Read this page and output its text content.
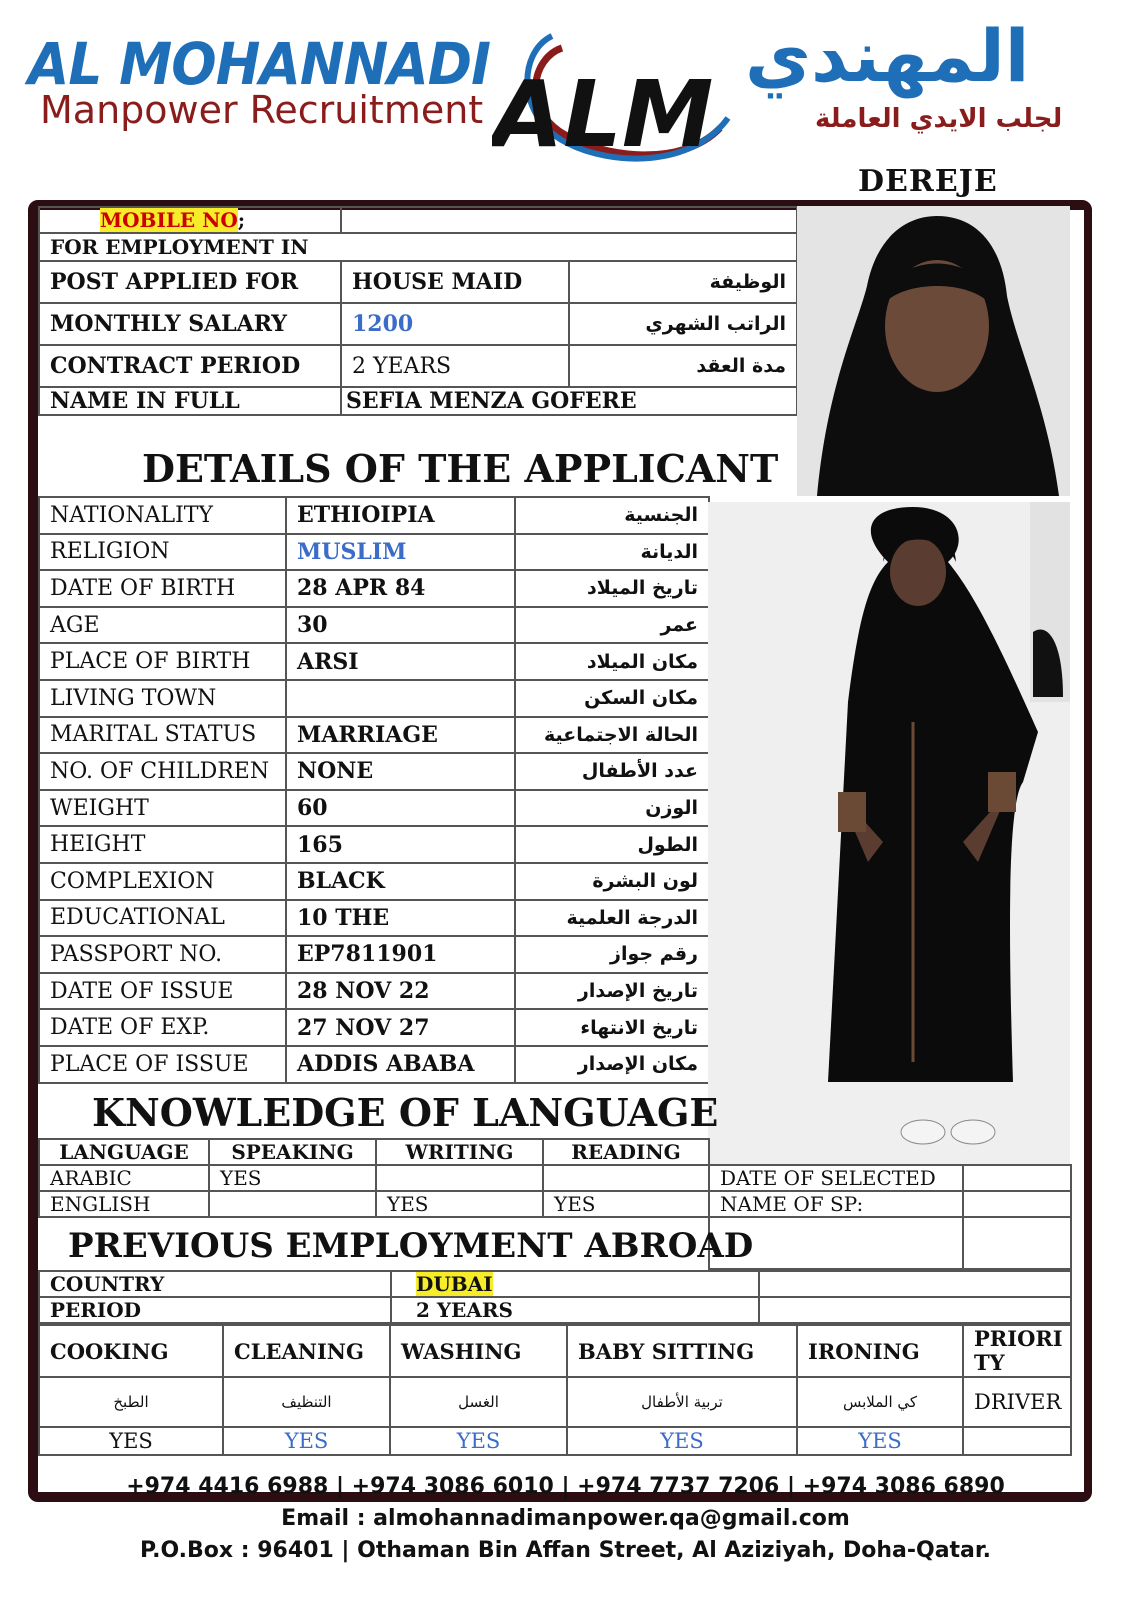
AL MOHANNADI
Manpower Recruitment ALM
المهندي
لجلب الايدي العاملة
DEREJE
MOBILE NO;		
FOR EMPLOYMENT IN		
POST APPLIED FOR	HOUSE MAID	الوظيفة
MONTHLY SALARY	1200	الراتب الشهري
CONTRACT PERIOD	2 YEARS	مدة العقد
NAME IN FULL	SEFIA MENZA GOFERE	
DETAILS OF THE APPLICANT
NATIONALITY	ETHIOIPIA	الجنسية
RELIGION	MUSLIM	الديانة
DATE OF BIRTH	28 APR 84	تاريخ الميلاد
AGE	30	عمر
PLACE OF BIRTH	ARSI	مكان الميلاد
LIVING TOWN		مكان السكن
MARITAL STATUS	MARRIAGE	الحالة الاجتماعية
NO. OF CHILDREN	NONE	عدد الأطفال
WEIGHT	60	الوزن
HEIGHT	165	الطول
COMPLEXION	BLACK	لون البشرة
EDUCATIONAL	10 THE	الدرجة العلمية
PASSPORT NO.	EP7811901	رقم جواز
DATE OF ISSUE	28 NOV 22	تاريخ الإصدار
DATE OF EXP.	27 NOV 27	تاريخ الانتهاء
PLACE OF ISSUE	ADDIS ABABA	مكان الإصدار
KNOWLEDGE OF LANGUAGE
LANGUAGE	SPEAKING	WRITING	READING
ARABIC	YES		
ENGLISH		YES	YES
DATE OF SELECTED	
NAME OF SP:	

PREVIOUS EMPLOYMENT ABROAD
COUNTRY	DUBAI	
PERIOD	2 YEARS	
COOKING	CLEANING	WASHING	BABY SITTING	IRONING	PRIORI
TY

الطبخ	التنظيف	الغسل	تربية الأطفال	كي الملابس	DRIVER
YES	YES	YES	YES	YES	
+974 4416 6988 | +974 3086 6010 | +974 7737 7206 | +974 3086 6890
Email : almohannadimanpower.qa@gmail.com
P.O.Box : 96401 | Othaman Bin Affan Street, Al Aziziyah, Doha-Qatar.
